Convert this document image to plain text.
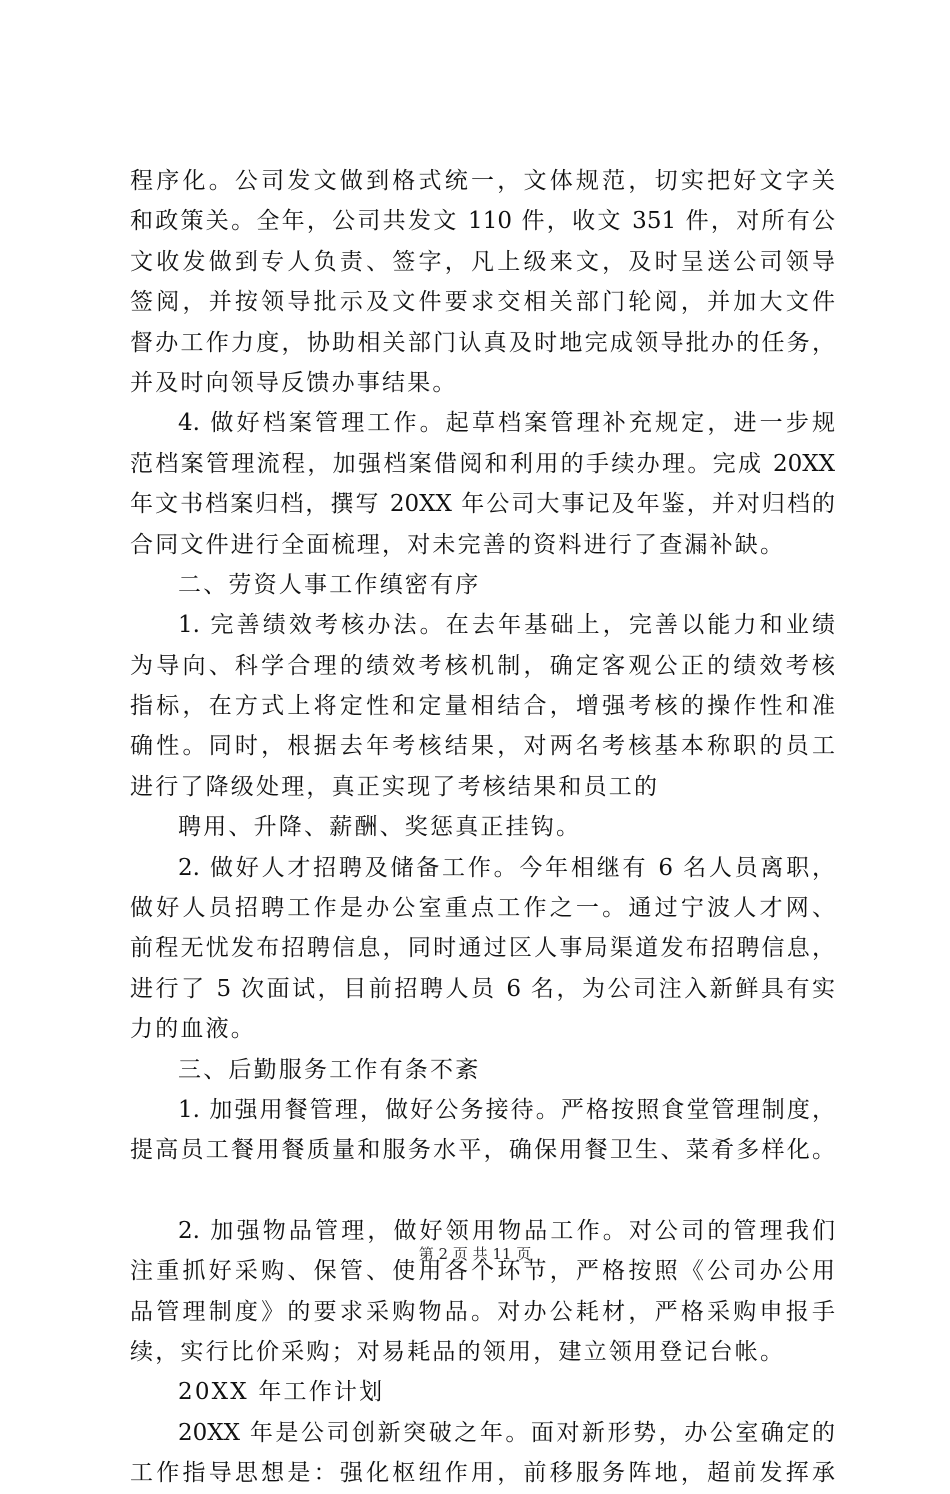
程序化。公司发文做到格式统一，文体规范，切实把好文字关
和政策关。全年，公司共发文 110 件，收文 351 件，对所有公
文收发做到专人负责、签字，凡上级来文，及时呈送公司领导
签阅，并按领导批示及文件要求交相关部门轮阅，并加大文件
督办工作力度，协助相关部门认真及时地完成领导批办的任务，
并及时向领导反馈办事结果。
4. 做好档案管理工作。起草档案管理补充规定，进一步规
范档案管理流程，加强档案借阅和利用的手续办理。完成 20XX
年文书档案归档，撰写 20XX 年公司大事记及年鉴，并对归档的
合同文件进行全面梳理，对未完善的资料进行了查漏补缺。
二、劳资人事工作缜密有序
1. 完善绩效考核办法。在去年基础上，完善以能力和业绩
为导向、科学合理的绩效考核机制，确定客观公正的绩效考核
指标，在方式上将定性和定量相结合，增强考核的操作性和准
确性。同时，根据去年考核结果，对两名考核基本称职的员工
进行了降级处理，真正实现了考核结果和员工的
聘用、升降、薪酬、奖惩真正挂钩。
2. 做好人才招聘及储备工作。今年相继有 6 名人员离职，
做好人员招聘工作是办公室重点工作之一。通过宁波人才网、
前程无忧发布招聘信息，同时通过区人事局渠道发布招聘信息，
进行了 5 次面试，目前招聘人员 6 名，为公司注入新鲜具有实
力的血液。
三、后勤服务工作有条不紊
1. 加强用餐管理，做好公务接待。严格按照食堂管理制度，
提高员工餐用餐质量和服务水平，确保用餐卫生、菜肴多样化。
2. 加强物品管理，做好领用物品工作。对公司的管理我们
注重抓好采购、保管、使用各个环节，严格按照《公司办公用
品管理制度》的要求采购物品。对办公耗材，严格采购申报手
续，实行比价采购；对易耗品的领用，建立领用登记台帐。
20XX 年工作计划
20XX 年是公司创新突破之年。面对新形势，办公室确定的
工作指导思想是：强化枢纽作用，前移服务阵地，超前发挥承
第 2 页 共 11 页
